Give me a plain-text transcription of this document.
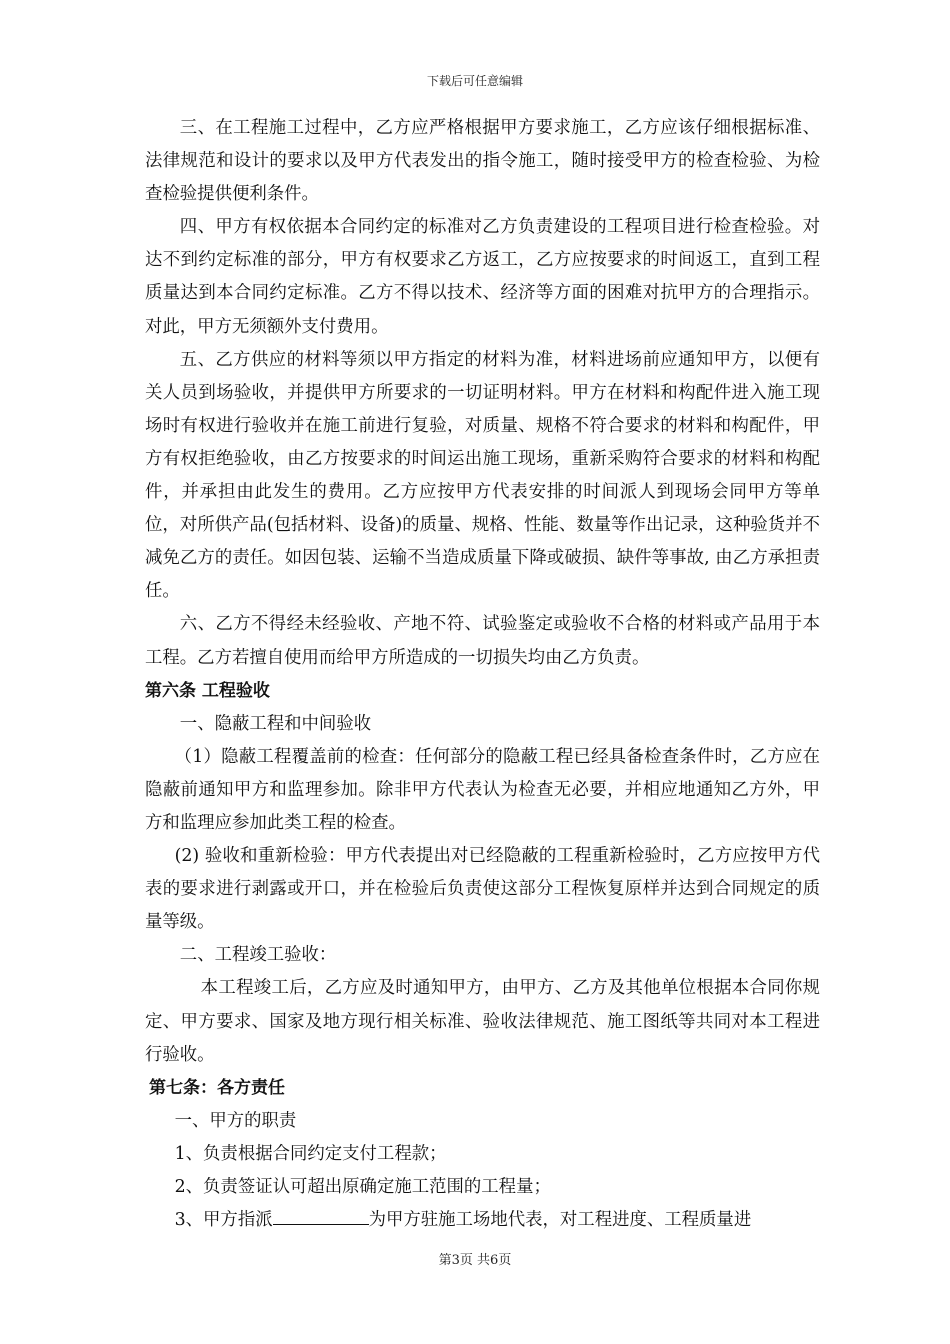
下载后可任意编辑

三、在工程施工过程中，乙方应严格根据甲方要求施工，乙方应该仔细根据标准、法律规范和设计的要求以及甲方代表发出的指令施工，随时接受甲方的检查检验、为检查检验提供便利条件。

四、甲方有权依据本合同约定的标准对乙方负责建设的工程项目进行检查检验。对达不到约定标准的部分，甲方有权要求乙方返工，乙方应按要求的时间返工，直到工程质量达到本合同约定标准。乙方不得以技术、经济等方面的困难对抗甲方的合理指示。对此，甲方无须额外支付费用。

五、乙方供应的材料等须以甲方指定的材料为准，材料进场前应通知甲方，以便有关人员到场验收，并提供甲方所要求的一切证明材料。甲方在材料和构配件进入施工现场时有权进行验收并在施工前进行复验，对质量、规格不符合要求的材料和构配件，甲方有权拒绝验收，由乙方按要求的时间运出施工现场，重新采购符合要求的材料和构配件，并承担由此发生的费用。乙方应按甲方代表安排的时间派人到现场会同甲方等单位，对所供产品(包括材料、设备)的质量、规格、性能、数量等作出记录，这种验货并不减免乙方的责任。如因包装、运输不当造成质量下降或破损、缺件等事故, 由乙方承担责任。

六、乙方不得经未经验收、产地不符、试验鉴定或验收不合格的材料或产品用于本工程。乙方若擅自使用而给甲方所造成的一切损失均由乙方负责。

第六条 工程验收

一、隐蔽工程和中间验收

（1）隐蔽工程覆盖前的检查：任何部分的隐蔽工程已经具备检查条件时，乙方应在隐蔽前通知甲方和监理参加。除非甲方代表认为检查无必要，并相应地通知乙方外，甲方和监理应参加此类工程的检查。

(2) 验收和重新检验：甲方代表提出对已经隐蔽的工程重新检验时，乙方应按甲方代表的要求进行剥露或开口，并在检验后负责使这部分工程恢复原样并达到合同规定的质量等级。

二、工程竣工验收：

本工程竣工后，乙方应及时通知甲方，由甲方、乙方及其他单位根据本合同你规定、甲方要求、国家及地方现行相关标准、验收法律规范、施工图纸等共同对本工程进行验收。

第七条：各方责任

一、甲方的职责

1、负责根据合同约定支付工程款；

2、负责签证认可超出原确定施工范围的工程量；

3、甲方指派	为甲方驻施工场地代表，对工程进度、工程质量进

第3页 共6页
